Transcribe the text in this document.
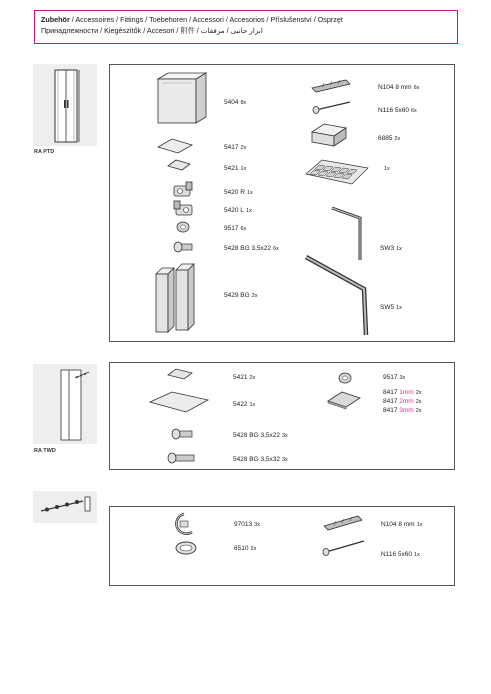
Zubehör / Accessoires / Fittings / Toebehoren / Accessori / Accesorios / Příslušenství / Osprzęt
Принадлежности / Kiegészítők / Accesori / 附件 / ابزار جانبی / مرفقات
RA PTD
5404 8x
5417 2x
5421 1x
5420 R 1x
5420 L 1x
9517 6x
5428 BG 3,5x22 6x
5429 BG 2x
N104 8 mm 6x
N116 5x60 6x
6885 2x
1x
SW3 1x
SW5 1x
RA TWD
5421 2x
5422 1x
5428 BG 3,5x22 3x
5428 BG 3,5x32 3x
9517 3x
8417 1mm 2x
8417 2mm 2x
8417 3mm 2x
97013 3x
6510 2x
N104 8 mm 1x
N116 5x60 1x
